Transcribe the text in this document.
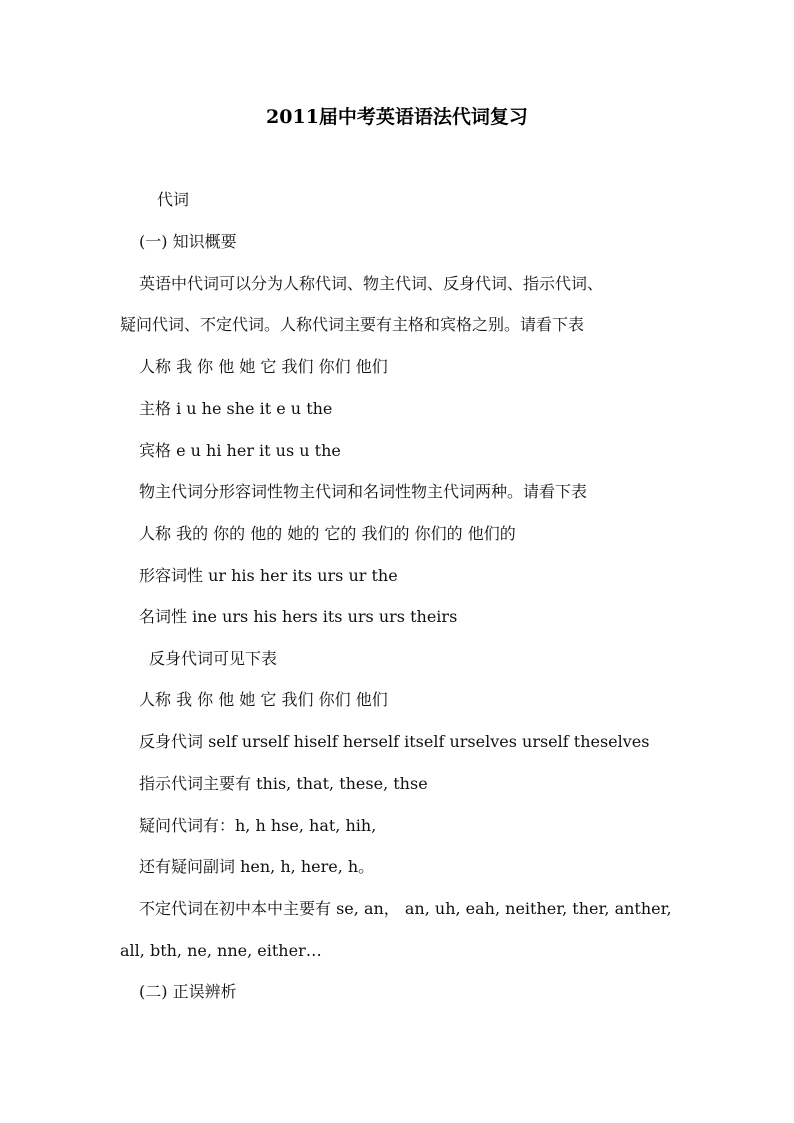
2011届中考英语语法代词复习
代词
(一) 知识概要
英语中代词可以分为人称代词、物主代词、反身代词、指示代词、
疑问代词、不定代词。人称代词主要有主格和宾格之别。请看下表
人称 我 你 他 她 它 我们 你们 他们
主格 i u he she it e u the
宾格 e u hi her it us u the
物主代词分形容词性物主代词和名词性物主代词两种。请看下表
人称 我的 你的 他的 她的 它的 我们的 你们的 他们的
形容词性 ur his her its urs ur the
名词性 ine urs his hers its urs urs theirs
反身代词可见下表
人称 我 你 他 她 它 我们 你们 他们
反身代词 self urself hiself herself itself urselves urself theselves
指示代词主要有 this, that, these, thse
疑问代词有：h, h hse, hat, hih,
还有疑问副词 hen, h, here, h。
不定代词在初中本中主要有 se, an， an, uh, eah, neither, ther, anther,
all, bth, ne, nne, either…
(二) 正误辨析
